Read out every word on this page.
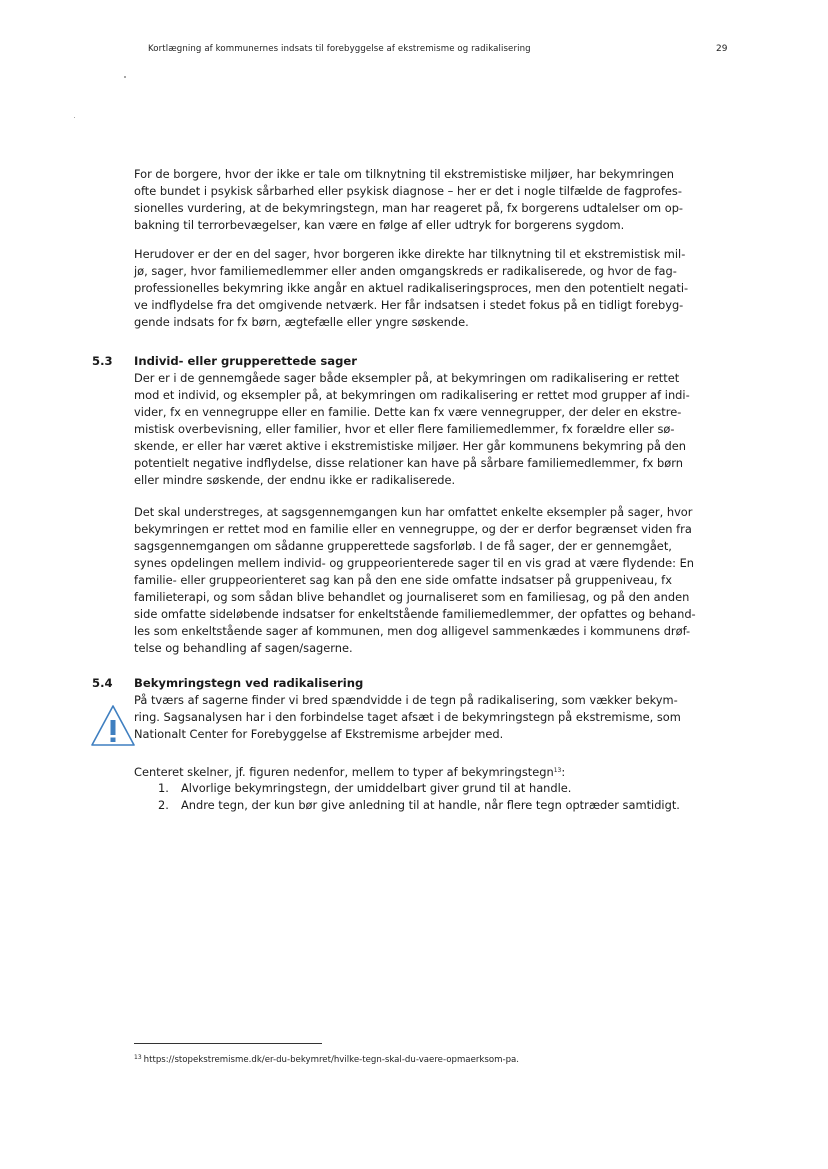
Kortlægning af kommunernes indsats til forebyggelse af ekstremisme og radikalisering	29
For de borgere, hvor der ikke er tale om tilknytning til ekstremistiske miljøer, har bekymringen
ofte bundet i psykisk sårbarhed eller psykisk diagnose – her er det i nogle tilfælde de fagprofes-
sionelles vurdering, at de bekymringstegn, man har reageret på, fx borgerens udtalelser om op-
bakning til terrorbevægelser, kan være en følge af eller udtryk for borgerens sygdom.
Herudover er der en del sager, hvor borgeren ikke direkte har tilknytning til et ekstremistisk mil-
jø, sager, hvor familiemedlemmer eller anden omgangskreds er radikaliserede, og hvor de fag-
professionelles bekymring ikke angår en aktuel radikaliseringsproces, men den potentielt negati-
ve indflydelse fra det omgivende netværk. Her får indsatsen i stedet fokus på en tidligt forebyg-
gende indsats for fx børn, ægtefælle eller yngre søskende.
5.3 Individ- eller grupperettede sager
Der er i de gennemgåede sager både eksempler på, at bekymringen om radikalisering er rettet
mod et individ, og eksempler på, at bekymringen om radikalisering er rettet mod grupper af indi-
vider, fx en vennegruppe eller en familie. Dette kan fx være vennegrupper, der deler en ekstre-
mistisk overbevisning, eller familier, hvor et eller flere familiemedlemmer, fx forældre eller sø-
skende, er eller har været aktive i ekstremistiske miljøer. Her går kommunens bekymring på den
potentielt negative indflydelse, disse relationer kan have på sårbare familiemedlemmer, fx børn
eller mindre søskende, der endnu ikke er radikaliserede.
Det skal understreges, at sagsgennemgangen kun har omfattet enkelte eksempler på sager, hvor
bekymringen er rettet mod en familie eller en vennegruppe, og der er derfor begrænset viden fra
sagsgennemgangen om sådanne grupperettede sagsforløb. I de få sager, der er gennemgået,
synes opdelingen mellem individ- og gruppeorienterede sager til en vis grad at være flydende: En
familie- eller gruppeorienteret sag kan på den ene side omfatte indsatser på gruppeniveau, fx
familieterapi, og som sådan blive behandlet og journaliseret som en familiesag, og på den anden
side omfatte sideløbende indsatser for enkeltstående familiemedlemmer, der opfattes og behand-
les som enkeltstående sager af kommunen, men dog alligevel sammenkædes i kommunens drøf-
telse og behandling af sagen/sagerne.
5.4 Bekymringstegn ved radikalisering
På tværs af sagerne finder vi bred spændvidde i de tegn på radikalisering, som vækker bekym-
ring. Sagsanalysen har i den forbindelse taget afsæt i de bekymringstegn på ekstremisme, som
Nationalt Center for Forebyggelse af Ekstremisme arbejder med.
Centeret skelner, jf. figuren nedenfor, mellem to typer af bekymringstegn$^{13}$:
1. Alvorlige bekymringstegn, der umiddelbart giver grund til at handle.
2. Andre tegn, der kun bør give anledning til at handle, når flere tegn optræder samtidigt.
$^{13}$ https://stopekstremisme.dk/er-du-bekymret/hvilke-tegn-skal-du-vaere-opmaerksom-pa.
